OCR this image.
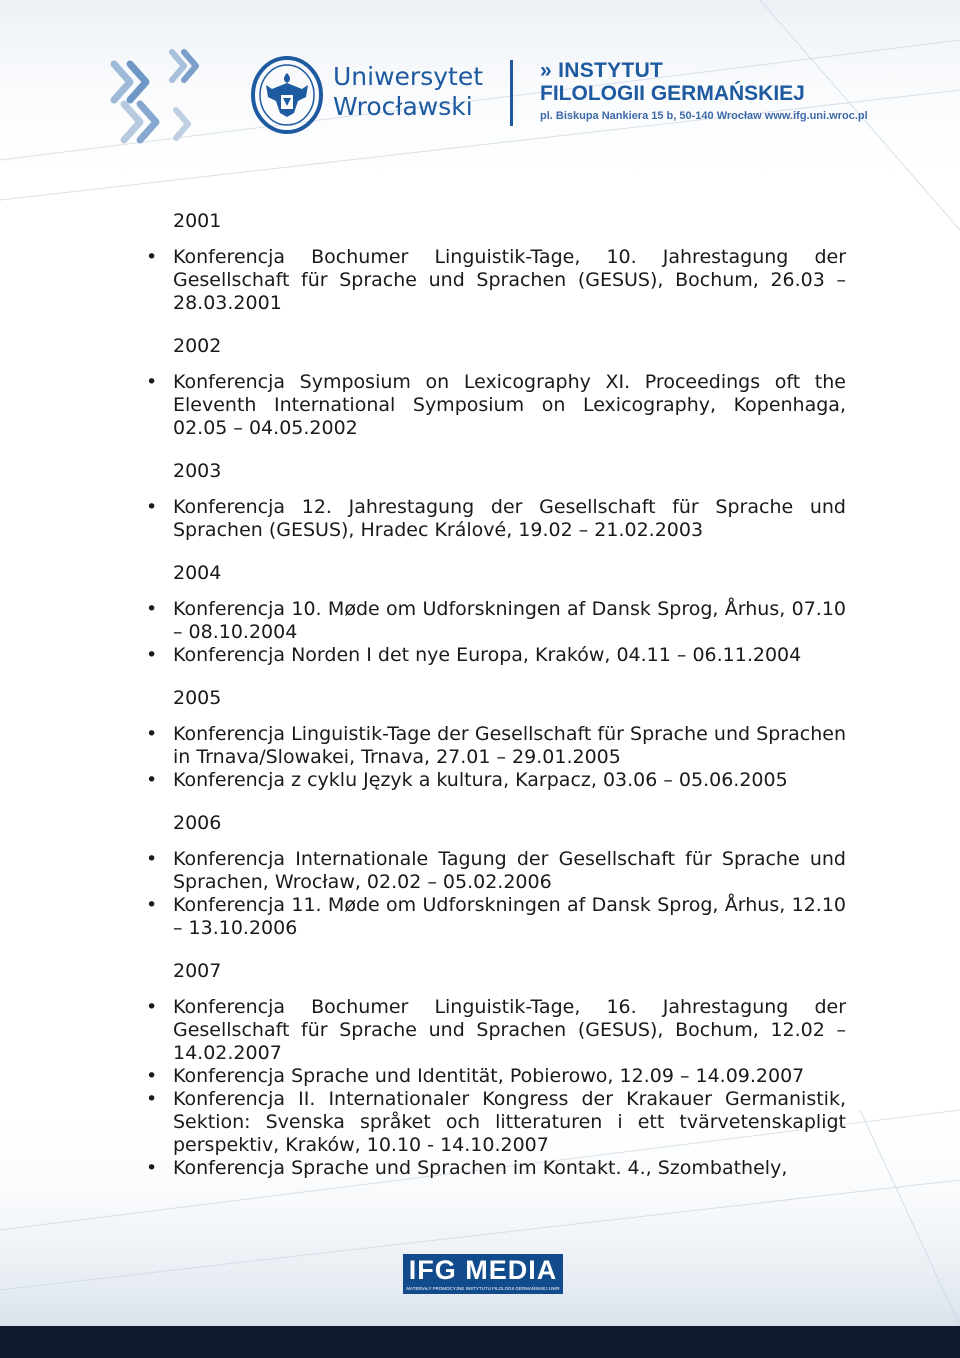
Uniwersytet
Wrocławski
» INSTYTUT
FILOLOGII GERMAŃSKIEJ
pl. Biskupa Nankiera 15 b, 50-140 Wrocław www.ifg.uni.wroc.pl
2001
• Konferencja Bochumer Linguistik-Tage, 10. Jahrestagung der Gesellschaft für Sprache und Sprachen (GESUS), Bochum, 26.03 – 28.03.2001
2002
• Konferencja Symposium on Lexicography XI. Proceedings oft the Eleventh International Symposium on Lexicography, Kopenhaga, 02.05 – 04.05.2002
2003
• Konferencja 12. Jahrestagung der Gesellschaft für Sprache und Sprachen (GESUS), Hradec Králové, 19.02 – 21.02.2003
2004
• Konferencja 10. Møde om Udforskningen af Dansk Sprog, Århus, 07.10 – 08.10.2004
• Konferencja Norden I det nye Europa, Kraków, 04.11 – 06.11.2004
2005
• Konferencja Linguistik-Tage der Gesellschaft für Sprache und Sprachen in Trnava/Slowakei, Trnava, 27.01 – 29.01.2005
• Konferencja z cyklu Język a kultura, Karpacz, 03.06 – 05.06.2005
2006
• Konferencja Internationale Tagung der Gesellschaft für Sprache und Sprachen, Wrocław, 02.02 – 05.02.2006
• Konferencja 11. Møde om Udforskningen af Dansk Sprog, Århus, 12.10 – 13.10.2006
2007
• Konferencja Bochumer Linguistik-Tage, 16. Jahrestagung der Gesellschaft für Sprache und Sprachen (GESUS), Bochum, 12.02 – 14.02.2007
• Konferencja Sprache und Identität, Pobierowo, 12.09 – 14.09.2007
• Konferencja II. Internationaler Kongress der Krakauer Germanistik, Sektion: Svenska språket och litteraturen i ett tvärvetenskapligt perspektiv, Kraków, 10.10 - 14.10.2007
• Konferencja Sprache und Sprachen im Kontakt. 4., Szombathely,
IFG MEDIA
MATERIAŁY PROMOCYJNE INSTYTUTU FILOLOGII GERMAŃSKIEJ UWR
